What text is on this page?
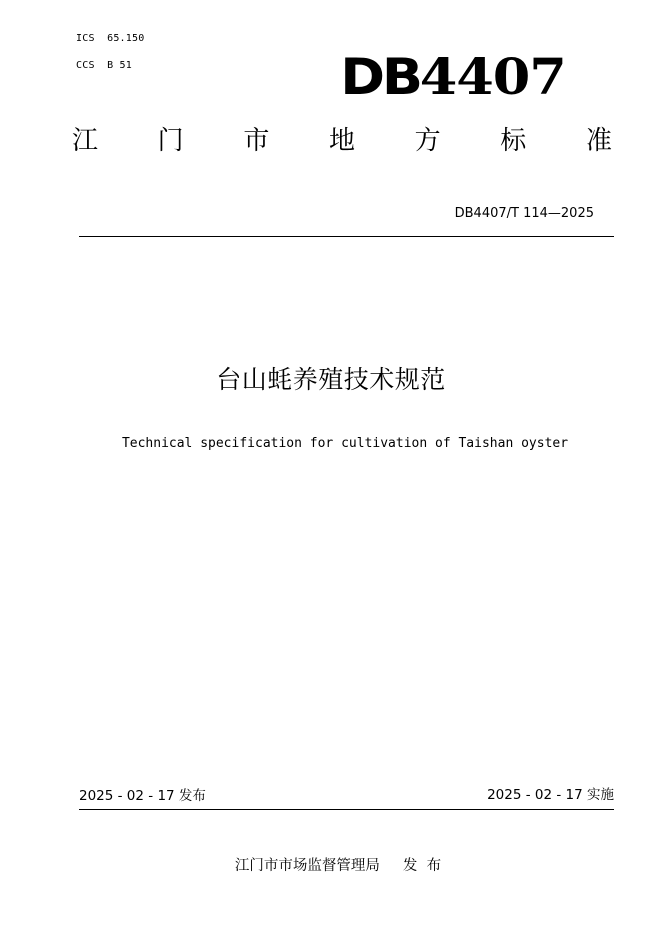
ICS  65.150
CCS  B 51	DB4407
江 门 市 地 方 标 准
DB4407/T 114—2025
台山蚝养殖技术规范
Technical specification for cultivation of Taishan oyster
2025 - 02 - 17 发布	2025 - 02 - 17 实施
江门市市场监督管理局     发  布
